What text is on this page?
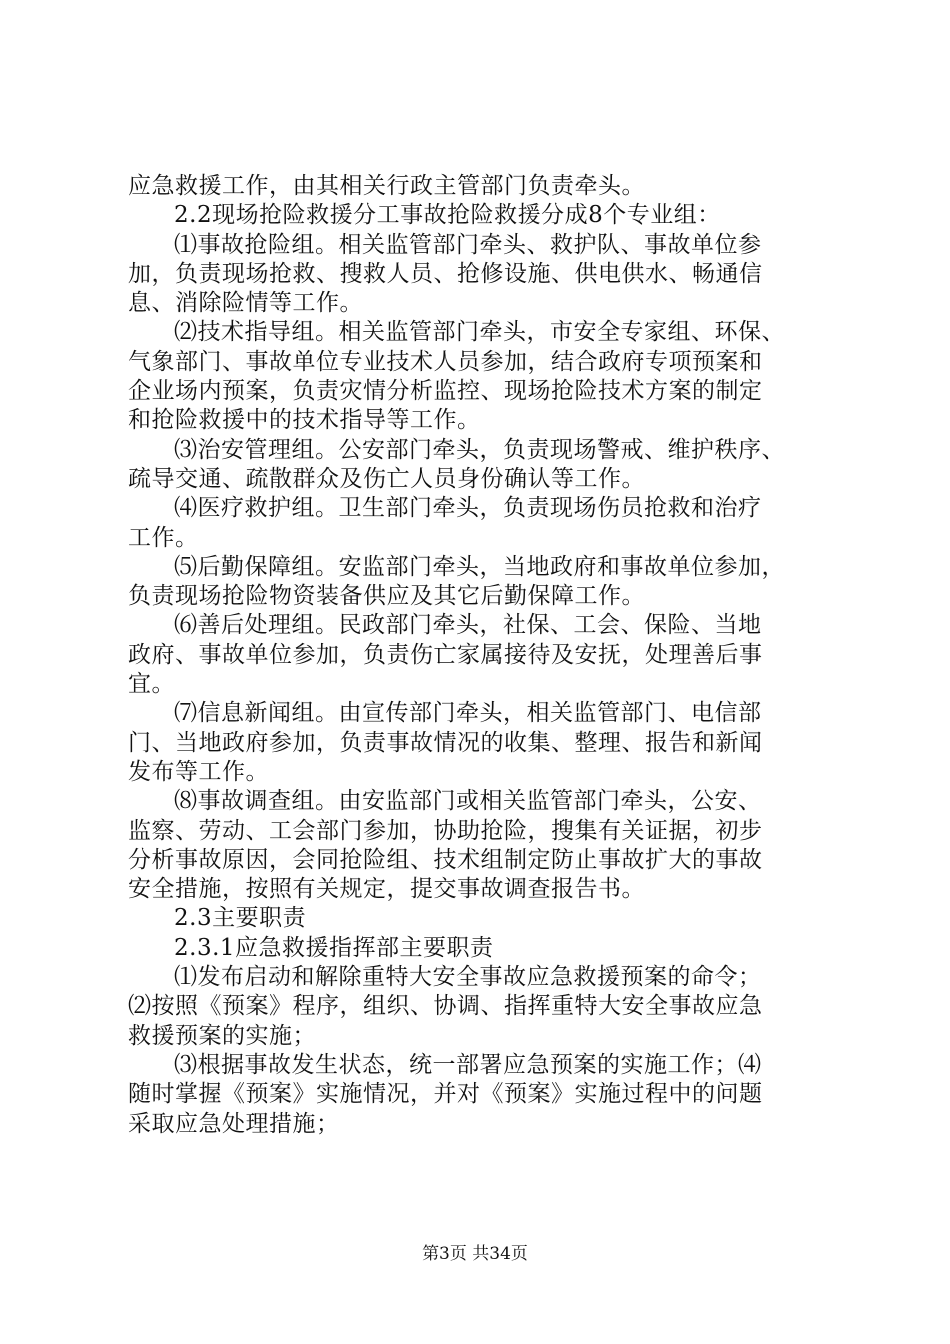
应急救援工作，由其相关行政主管部门负责牵头。
2.2现场抢险救援分工事故抢险救援分成8个专业组：
⑴事故抢险组。相关监管部门牵头、救护队、事故单位参
加，负责现场抢救、搜救人员、抢修设施、供电供水、畅通信
息、消除险情等工作。
⑵技术指导组。相关监管部门牵头，市安全专家组、环保、
气象部门、事故单位专业技术人员参加，结合政府专项预案和
企业场内预案，负责灾情分析监控、现场抢险技术方案的制定
和抢险救援中的技术指导等工作。
⑶治安管理组。公安部门牵头，负责现场警戒、维护秩序、
疏导交通、疏散群众及伤亡人员身份确认等工作。
⑷医疗救护组。卫生部门牵头，负责现场伤员抢救和治疗
工作。
⑸后勤保障组。安监部门牵头，当地政府和事故单位参加，
负责现场抢险物资装备供应及其它后勤保障工作。
⑹善后处理组。民政部门牵头，社保、工会、保险、当地
政府、事故单位参加，负责伤亡家属接待及安抚，处理善后事
宜。
⑺信息新闻组。由宣传部门牵头，相关监管部门、电信部
门、当地政府参加，负责事故情况的收集、整理、报告和新闻
发布等工作。
⑻事故调查组。由安监部门或相关监管部门牵头，公安、
监察、劳动、工会部门参加，协助抢险，搜集有关证据，初步
分析事故原因，会同抢险组、技术组制定防止事故扩大的事故
安全措施，按照有关规定，提交事故调查报告书。
2.3主要职责
2.3.1应急救援指挥部主要职责
⑴发布启动和解除重特大安全事故应急救援预案的命令；
⑵按照《预案》程序，组织、协调、指挥重特大安全事故应急
救援预案的实施；
⑶根据事故发生状态，统一部署应急预案的实施工作；⑷
随时掌握《预案》实施情况，并对《预案》实施过程中的问题
采取应急处理措施；
第3页 共34页
